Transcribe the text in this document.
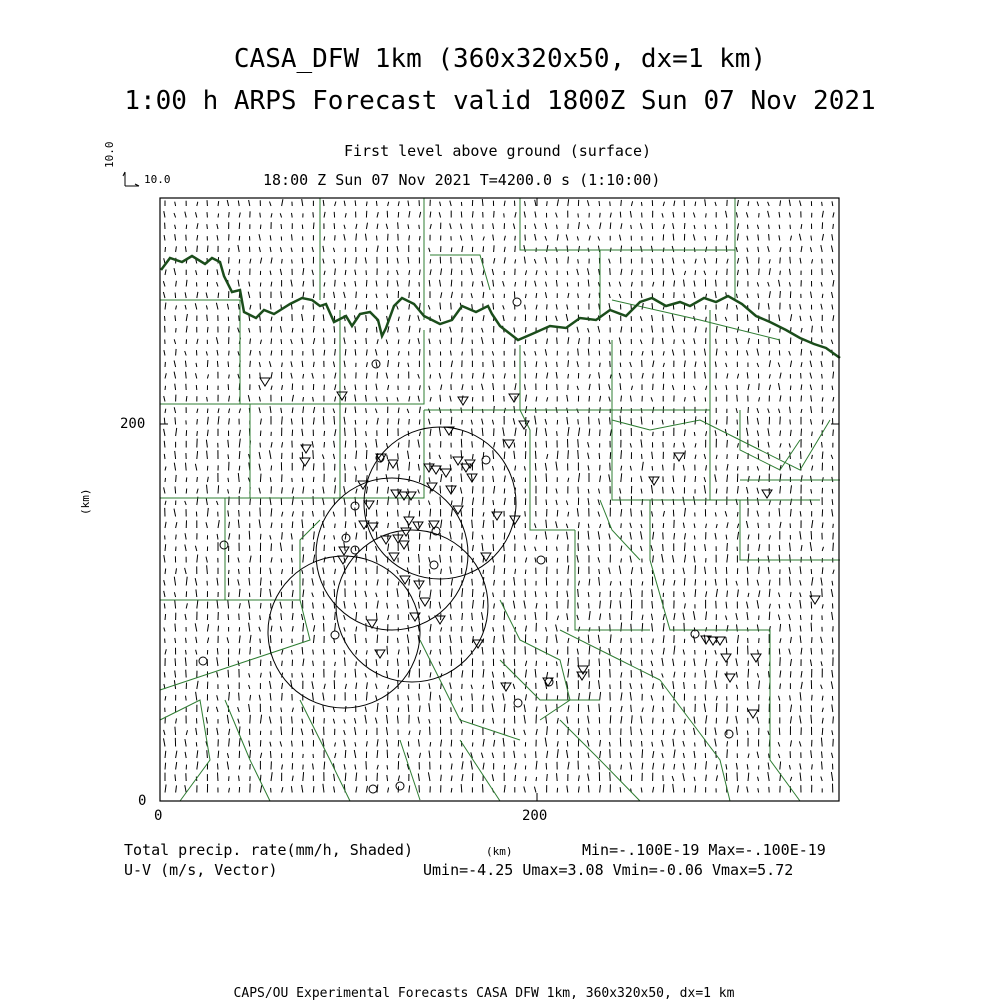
CASA_DFW 1km (360x320x50, dx=1 km)
1:00 h ARPS Forecast valid 1800Z Sun 07 Nov 2021
First level above ground (surface)
18:00 Z Sun 07 Nov 2021 T=4200.0 s (1:10:00)
10.0
10.0
200
0
0	200
(km)
Total precip. rate(mm/h, Shaded)	(km)	Min=-.100E-19 Max=-.100E-19
U-V (m/s, Vector)	Umin=-4.25 Umax=3.08 Vmin=-0.06 Vmax=5.72
CAPS/OU Experimental Forecasts CASA DFW 1km, 360x320x50, dx=1 km
